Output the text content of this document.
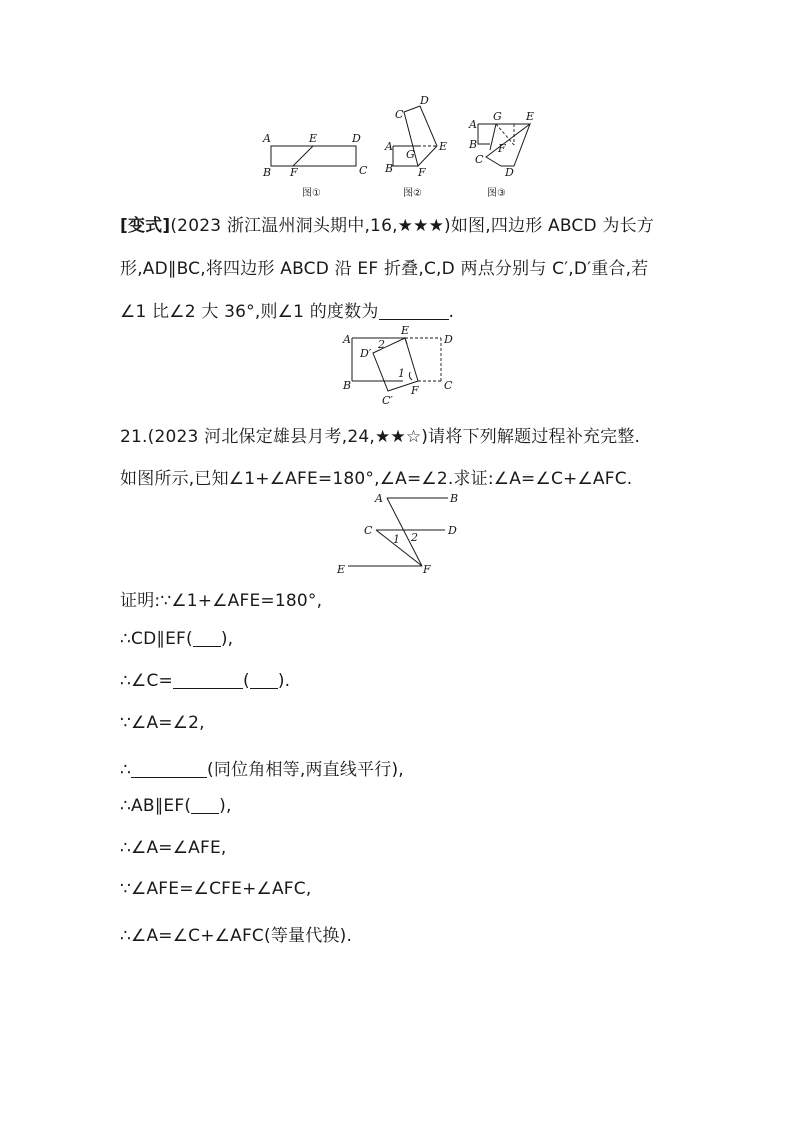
A	E	D
B F	C
图①
C
D
A
G
E
B F
图②
A
G E
B F
C
D
图③
[变式](2023 浙江温州洞头期中,16,★★★)如图,四边形 ABCD 为长方
形,AD∥BC,将四边形 ABCD 沿 EF 折叠,C,D 两点分别与 C′,D′重合,若
∠1 比∠2 大 36°,则∠1 的度数为	.
A
E
D
D′
2
1
B	F C
C′
21.(2023 河北保定雄县月考,24,★★☆)请将下列解题过程补充完整.
如图所示,已知∠1+∠AFE=180°,∠A=∠2.求证:∠A=∠C+∠AFC.
A	B
C	D
1 2
E	F
证明:∵∠1+∠AFE=180°,
∴CD∥EF( ),
∴∠C=	( ).
∵∠A=∠2,
∴	(同位角相等,两直线平行),
∴AB∥EF( ),
∴∠A=∠AFE,
∵∠AFE=∠CFE+∠AFC,
∴∠A=∠C+∠AFC(等量代换).
